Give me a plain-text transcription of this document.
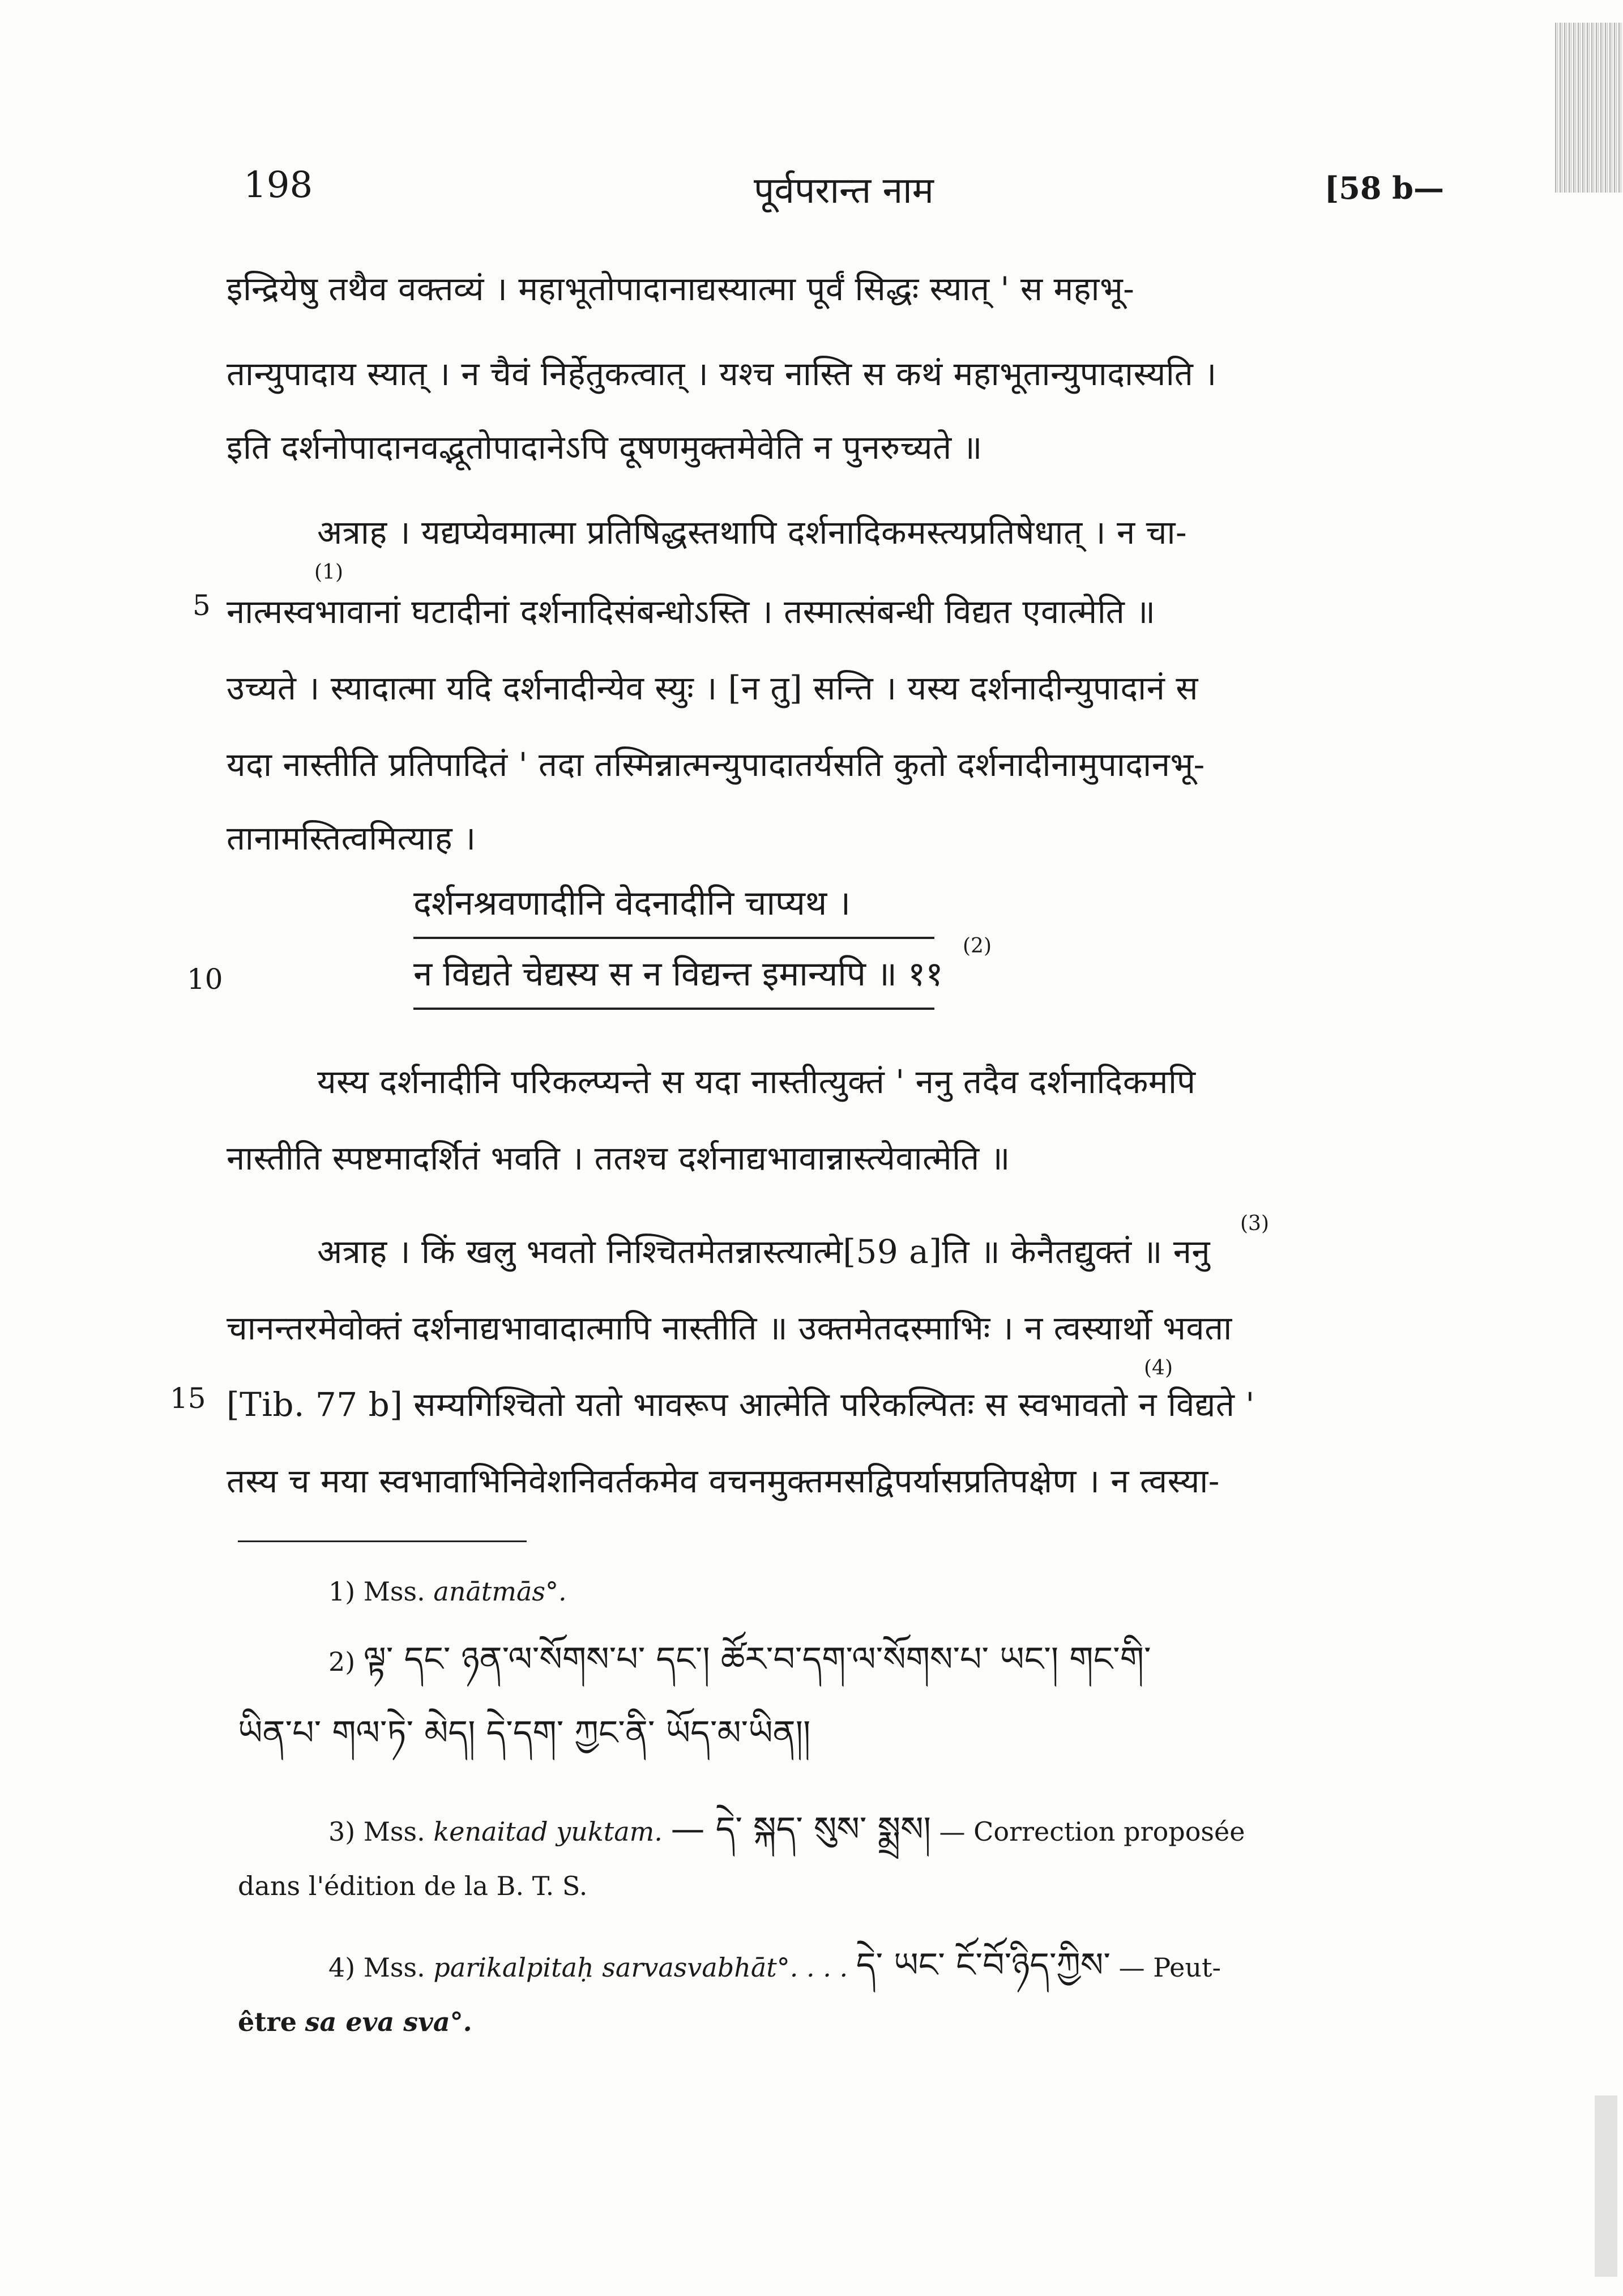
198	पूर्वपरान्त नाम	[58 b—
इन्द्रियेषु तथैव वक्तव्यं । महाभूतोपादानाद्यस्यात्मा पूर्वं सिद्धः स्यात् ' स महाभू-
तान्युपादाय स्यात् । न चैवं निर्हेतुकत्वात् । यश्च नास्ति स कथं महाभूतान्युपादास्यति ।
इति दर्शनोपादानवद्भूतोपादानेऽपि दूषणमुक्तमेवेति न पुनरुच्यते ॥
अत्राह । यद्यप्येवमात्मा प्रतिषिद्धस्तथापि दर्शनादिकमस्त्यप्रतिषेधात् । न चा-
5
(1)
नात्मस्वभावानां घटादीनां दर्शनादिसंबन्धोऽस्ति । तस्मात्संबन्धी विद्यत एवात्मेति ॥
उच्यते । स्यादात्मा यदि दर्शनादीन्येव स्युः । [न तु] सन्ति । यस्य दर्शनादीन्युपादानं स
यदा नास्तीति प्रतिपादितं ' तदा तस्मिन्नात्मन्युपादातर्यसति कुतो दर्शनादीनामुपादानभू-
तानामस्तित्वमित्याह ।
दर्शनश्रवणादीनि वेदनादीनि चाप्यथ ।
10
(2)
न विद्यते चेद्यस्य स न विद्यन्त इमान्यपि ॥ ११
यस्य दर्शनादीनि परिकल्प्यन्ते स यदा नास्तीत्युक्तं ' ननु तदैव दर्शनादिकमपि
नास्तीति स्पष्टमादर्शितं भवति । ततश्च दर्शनाद्यभावान्नास्त्येवात्मेति ॥
(3)
अत्राह । किं खलु भवतो निश्चितमेतन्नास्त्यात्मे[59 a]ति ॥ केनैतद्युक्तं ॥ ननु
चानन्तरमेवोक्तं दर्शनाद्यभावादात्मापि नास्तीति ॥ उक्तमेतदस्माभिः । न त्वस्यार्थो भवता
15
(4)
[Tib. 77 b] सम्यगिश्चितो यतो भावरूप आत्मेति परिकल्पितः स स्वभावतो न विद्यते '
तस्य च मया स्वभावाभिनिवेशनिवर्तकमेव वचनमुक्तमसद्विपर्यासप्रतिपक्षेण । न त्वस्या-
1) Mss. anātmās°.
2) ལྟ་ དང་ ཉན་ལ་སོགས་པ་ དང་། ཚོར་བ་དག་ལ་སོགས་པ་ ཡང་། གང་གི་
ཡིན་པ་ གལ་ཏེ་ མེད། དེ་དག་ ཀྱང་ནི་ ཡོད་མ་ཡིན།།
3) Mss. kenaitad yuktam. — དེ་ སྐད་ སུས་ སྨྲས། — Correction proposée
dans l'édition de la B. T. S.
4) Mss. parikalpitaḥ sarvasvabhāt°. . . . དེ་ ཡང་ ངོ་བོ་ཉིད་ཀྱིས་ — Peut-
être sa eva sva°.
